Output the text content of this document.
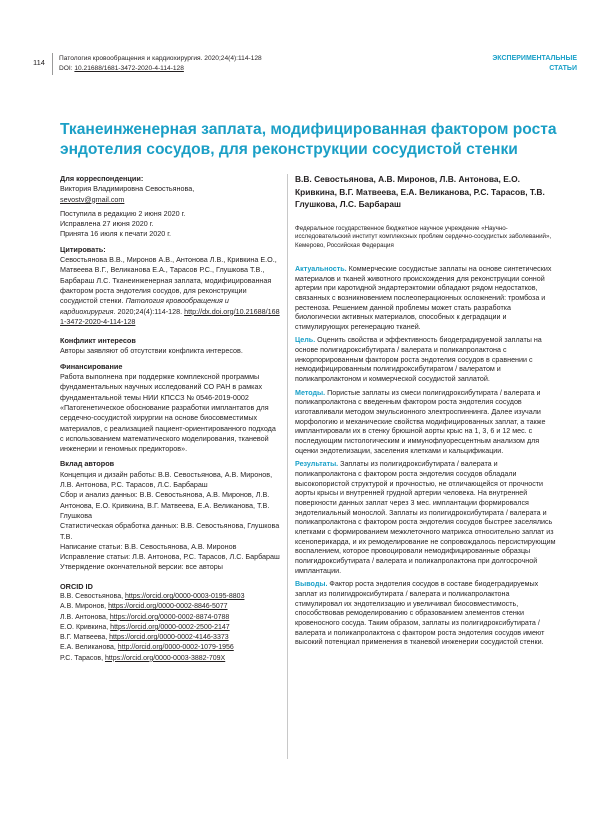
114 Патология кровообращения и кардиохирургия. 2020;24(4):114-128
DOI: 10.21688/1681-3472-2020-4-114-128
ЭКСПЕРИМЕНТАЛЬНЫЕ
СТАТЬИ
Тканеинженерная заплата, модифицированная фактором роста эндотелия сосудов, для реконструкции сосудистой стенки
Для корреспонденции:

Виктория Владимировна Севостьянова,

sevostv@gmail.com

Поступила в редакцию 2 июня 2020 г.

Исправлена 27 июня 2020 г.

Принята 16 июля к печати 2020 г.

Цитировать:

Севостьянова В.В., Миронов А.В., Антонова Л.В., Кривкина Е.О., Матвеева В.Г., Великанова Е.А., Тарасов Р.С., Глушкова Т.В., Барбараш Л.С. Тканеинженерная заплата, модифицированная фактором роста эндотелия сосудов, для реконструкции сосудистой стенки. Патология кровообращения и кардиохирургия. 2020;24(4):114-128. http://dx.doi.org/10.21688/1681-3472-2020-4-114-128

Конфликт интересов

Авторы заявляют об отсутствии конфликта интересов.

Финансирование

Работа выполнена при поддержке комплексной программы фундаментальных научных исследований СО РАН в рамках фундаментальной темы НИИ КПССЗ № 0546-2019-0002 «Патогенетическое обоснование разработки имплантатов для сердечно-сосудистой хирургии на основе биосовместимых материалов, с реализацией пациент-ориентированного подхода с использованием математического моделирования, тканевой инженерии и геномных предикторов».

Вклад авторов

Концепция и дизайн работы: В.В. Севостьянова, А.В. Миронов, Л.В. Антонова, Р.С. Тарасов, Л.С. Барбараш

Сбор и анализ данных: В.В. Севостьянова, А.В. Миронов, Л.В. Антонова, Е.О. Кривкина, В.Г. Матвеева, Е.А. Великанова, Т.В. Глушкова

Статистическая обработка данных: В.В. Севостьянова, Глушкова Т.В.

Написание статьи: В.В. Севостьянова, А.В. Миронов

Исправление статьи: Л.В. Антонова, Р.С. Тарасов, Л.С. Барбараш

Утверждение окончательной версии: все авторы

ORCID ID

В.В. Севостьянова, https://orcid.org/0000-0003-0195-8803

А.В. Миронов, https://orcid.org/0000-0002-8846-5077

Л.В. Антонова, https://orcid.org/0000-0002-8874-0788

Е.О. Кривкина, https://orcid.org/0000-0002-2500-2147

В.Г. Матвеева, https://orcid.org/0000-0002-4146-3373

Е.А. Великанова, http://orcid.org/0000-0002-1079-1956

Р.С. Тарасов, https://orcid.org/0000-0003-3882-709X

В.В. Севостьянова, А.В. Миронов, Л.В. Антонова, Е.О. Кривкина, В.Г. Матвеева, Е.А. Великанова, Р.С. Тарасов, Т.В. Глушкова, Л.С. Барбараш
Федеральное государственное бюджетное научное учреждение «Научно-исследовательский институт комплексных проблем сердечно-сосудистых заболеваний», Кемерово, Российская Федерация

Актуальность. Коммерческие сосудистые заплаты на основе синтетических материалов и тканей животного происхождения для реконструкции сонной артерии при каротидной эндартерэктомии обладают рядом недостатков, связанных с возникновением послеоперационных осложнений: тромбоза и рестеноза. Решением данной проблемы может стать разработка биологически активных материалов, способных к деградации и стимулирующих регенерацию тканей.

Цель. Оценить свойства и эффективность биодеградируемой заплаты на основе полигидроксибутирата / валерата и поликапролактона с инкорпорированным фактором роста эндотелия сосудов в сравнении с немодифицированным полигидроксибутиратом / валератом и поликапролактоном и коммерческой сосудистой заплатой.

Методы. Пористые заплаты из смеси полигидроксибутирата / валерата и поликапролактона с введенным фактором роста эндотелия сосудов изготавливали методом эмульсионного электроспиннинга. Далее изучали морфологию и механические свойства модифицированных заплат, а также имплантировали их в стенку брюшной аорты крыс на 1, 3, 6 и 12 мес. с последующим гистологическим и иммунофлуоресцентным анализом для оценки эндотелизации, заселения клетками и кальцификации.

Результаты. Заплаты из полигидроксибутирата / валерата и поликапролактона с фактором роста эндотелия сосудов обладали высокопористой структурой и прочностью, не отличающейся от прочности аорты крысы и внутренней грудной артерии человека. На внутренней поверхности данных заплат через 3 мес. имплантации формировался эндотелиальный монослой. Заплаты из полигидроксибутирата / валерата и поликапролактона с фактором роста эндотелия сосудов быстрее заселялись клетками с формированием межклеточного матрикса относительно заплат из ксеноперикарда, и их ремоделирование не сопровождалось персистирующим воспалением, которое провоцировали немодифицированные образцы полигидроксибутирата / валерата и поликапролактона при долгосрочной имплантации.

Выводы. Фактор роста эндотелия сосудов в составе биодеградируемых заплат из полигидроксибутирата / валерата и поликапролактона стимулировал их эндотелизацию и увеличивал биосовместимость, способствовав ремоделированию с образованием элементов стенки кровеносного сосуда. Таким образом, заплаты из полигидроксибутирата / валерата и поликапролактона с фактором роста эндотелия сосудов имеют высокий потенциал применения в тканевой инженерии сосудистой стенки.
